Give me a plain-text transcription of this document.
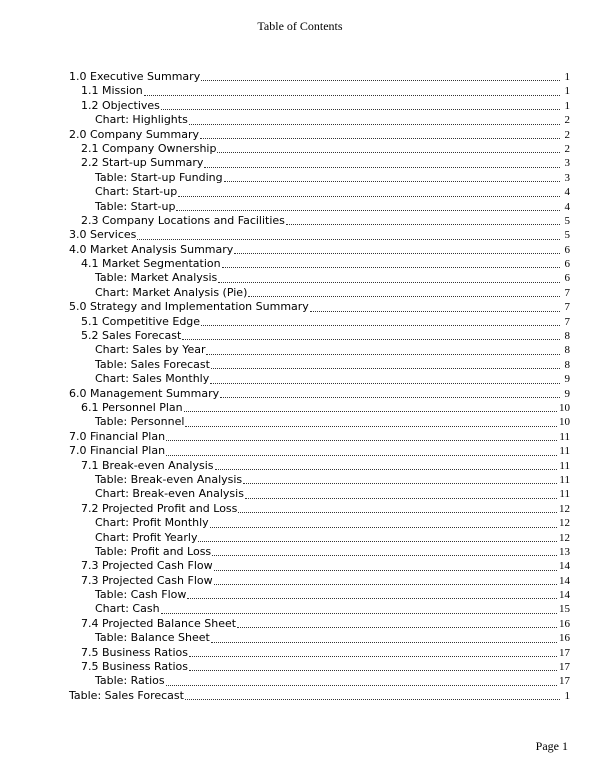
Table of Contents
1.0 Executive Summary	1
1.1 Mission	1
1.2 Objectives	1
Chart: Highlights	2
2.0 Company Summary	2
2.1 Company Ownership	2
2.2 Start-up Summary	3
Table: Start-up Funding	3
Chart: Start-up	4
Table: Start-up	4
2.3 Company Locations and Facilities	5
3.0 Services	5
4.0 Market Analysis Summary	6
4.1 Market Segmentation	6
Table: Market Analysis	6
Chart: Market Analysis (Pie)	7
5.0 Strategy and Implementation Summary	7
5.1 Competitive Edge	7
5.2 Sales Forecast	8
Chart: Sales by Year	8
Table: Sales Forecast	8
Chart: Sales Monthly	9
6.0 Management Summary	9
6.1 Personnel Plan	10
Table: Personnel	10
7.0 Financial Plan	11
7.0 Financial Plan	11
7.1 Break-even Analysis	11
Table: Break-even Analysis	11
Chart: Break-even Analysis	11
7.2 Projected Profit and Loss	12
Chart: Profit Monthly	12
Chart: Profit Yearly	12
Table: Profit and Loss	13
7.3 Projected Cash Flow	14
7.3 Projected Cash Flow	14
Table: Cash Flow	14
Chart: Cash	15
7.4 Projected Balance Sheet	16
Table: Balance Sheet	16
7.5 Business Ratios	17
7.5 Business Ratios	17
Table: Ratios	17
Table: Sales Forecast	1
Page 1
